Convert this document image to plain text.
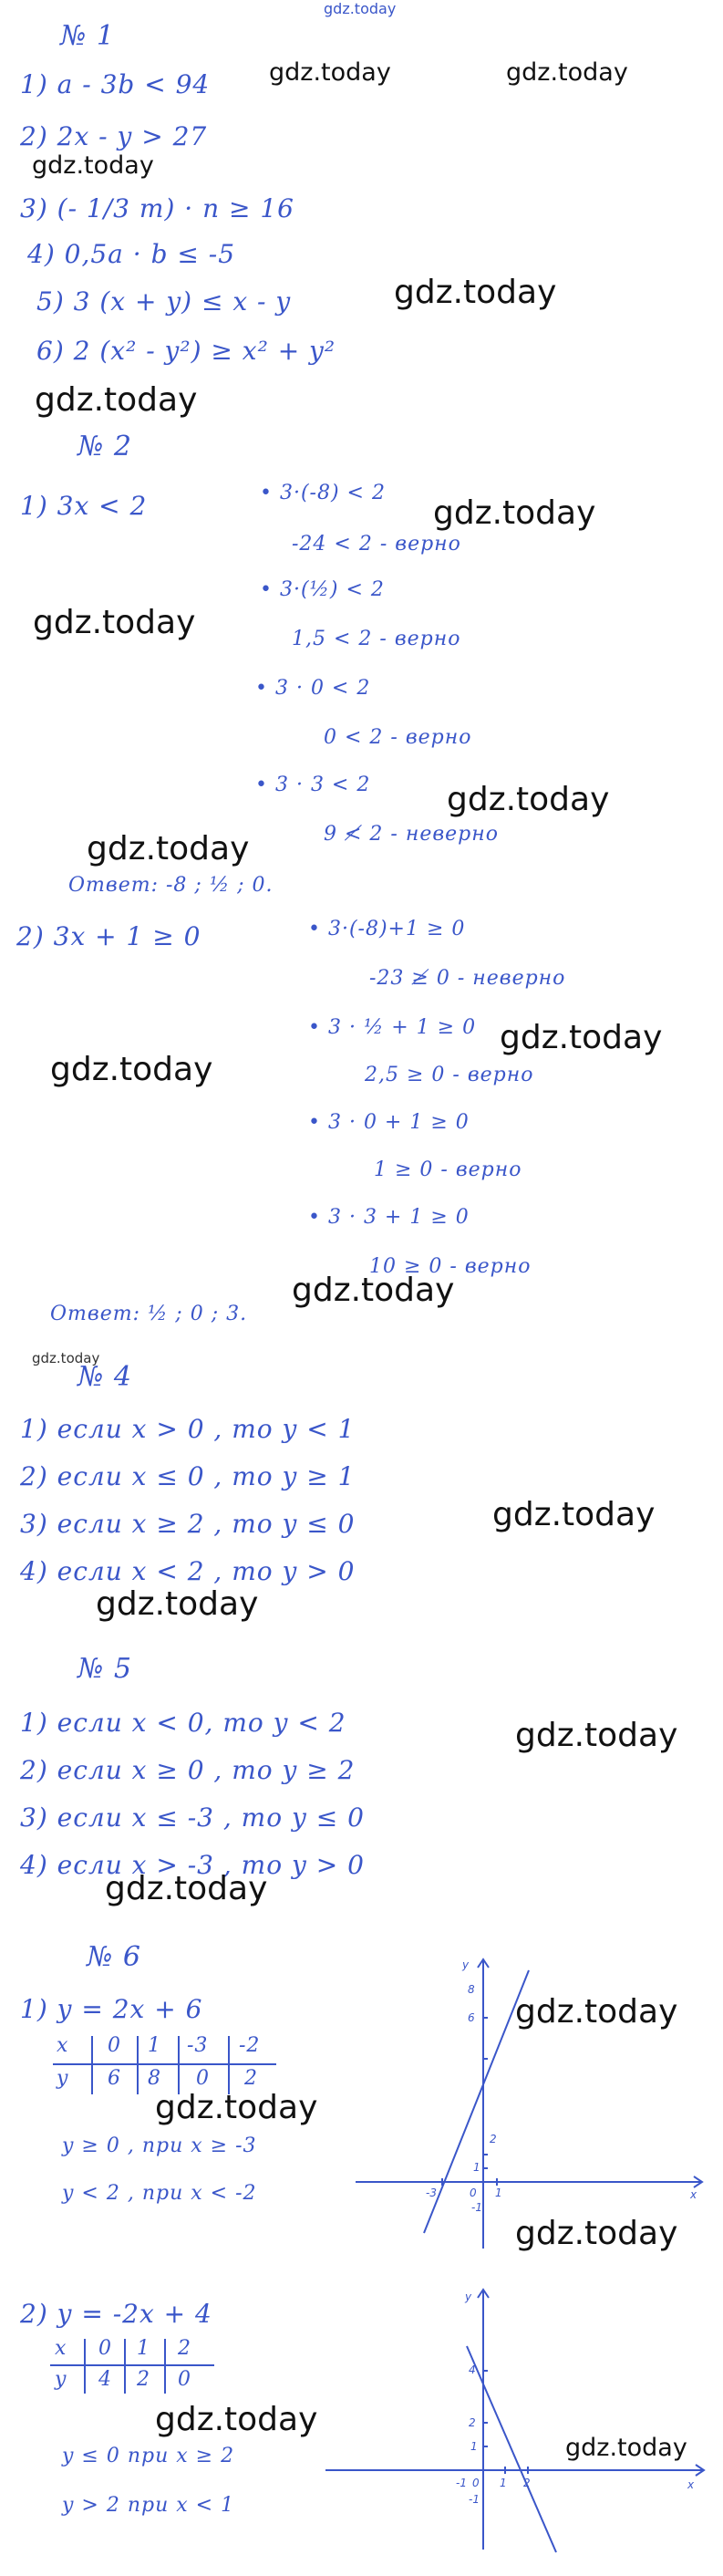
gdz.today
№ 1
1) a - 3b < 94
2) 2x - y > 27
3) (- 1/3 m) · n ≥ 16
4) 0,5a · b ≤ -5
5) 3 (x + y) ≤ x - y
6) 2 (x² - y²) ≥ x² + y²
№ 2
1) 3x < 2	• 3·(-8) < 2
-24 < 2 - верно
• 3·(½) < 2
1,5 < 2 - верно
• 3 · 0 < 2
0 < 2 - верно
• 3 · 3 < 2
9 ≮ 2 - неверно
Ответ: -8 ; ½ ; 0.
2) 3x + 1 ≥ 0	• 3·(-8)+1 ≥ 0
-23 ≱ 0 - неверно
• 3 · ½ + 1 ≥ 0
2,5 ≥ 0 - верно
• 3 · 0 + 1 ≥ 0
1 ≥ 0 - верно
• 3 · 3 + 1 ≥ 0
10 ≥ 0 - верно
Ответ: ½ ; 0 ; 3.
№ 4
1) если x > 0 , то y < 1
2) если x ≤ 0 , то y ≥ 1
3) если x ≥ 2 , то y ≤ 0
4) если x < 2 , то y > 0
№ 5
1) если x < 0, то y < 2
2) если x ≥ 0 , то y ≥ 2
3) если x ≤ -3 , то y ≤ 0
4) если x > -3 , то y > 0
№ 6
1) y = 2x + 6
x 0 1 -3 -2
y 6 8 0 2
y ≥ 0 , при x ≥ -3
y < 2 , при x < -2	x
y
8
6
2
1
-3	0
-1
1
2) y = -2x + 4
x 0 1 2
y 4 2 0
y ≤ 0 при x ≥ 2
y > 2 при x < 1
x
y
4
2
1
-1 0 1 2
-1
gdz.today	gdz.today
gdz.today
gdz.today
gdz.today
gdz.today
gdz.today
gdz.today
gdz.today
gdz.today
gdz.today
gdz.today
gdz.today
gdz.today
gdz.today
gdz.today
gdz.today
gdz.today
gdz.today
gdz.today
gdz.today
gdz.today
